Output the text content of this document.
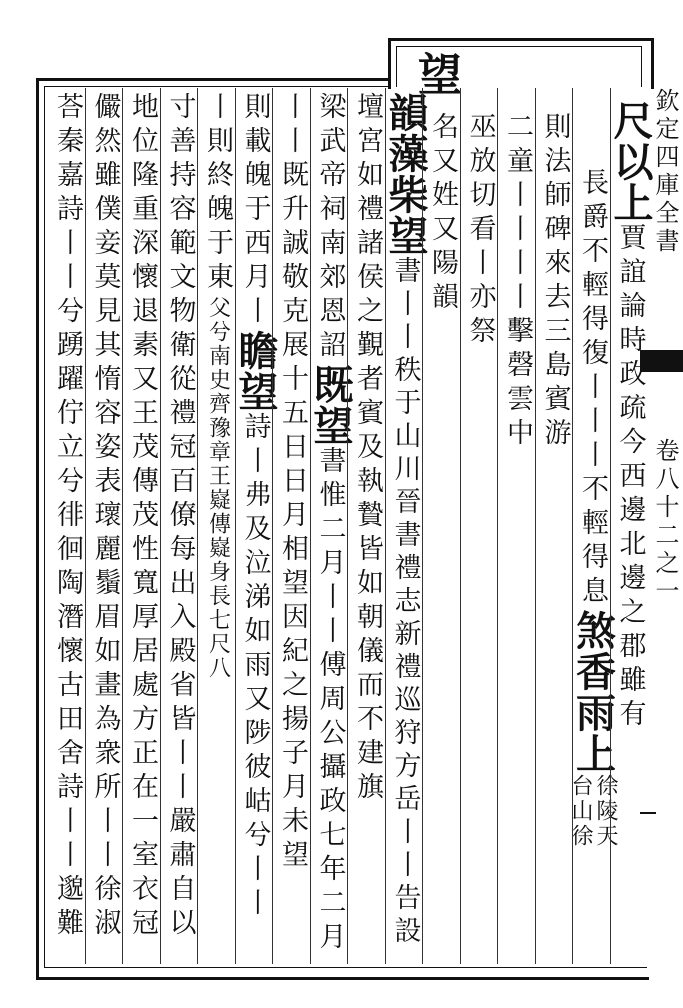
望
欽定四庫全書
卷八十二之一
尺以上
賈誼論時政疏今西邊北邊之郡雖有
長爵不輕得復丨丨丨不輕得息
煞香雨上
徐陵天
台山徐
則法師碑來去三島賓游
二童丨丨丨丨擊磬雲中
巫放切看丨亦祭
名又姓又陽韻
韻藻柴望
書丨丨秩于山川晉書禮志新禮巡狩方岳丨丨告設
壇宮如禮諸侯之覲者賓及執贄皆如朝儀而不建旗
梁武帝祠南郊恩詔
既望
書惟二月丨丨傅周公攝政七年二月
丨丨既升誠敬克展
十五日日月相望因紀之揚子月未望
則載魄于西月丨
瞻望
詩丨弗及泣涕如雨又陟彼岵兮丨丨
丨則終魄于東
父兮南史齊豫章王嶷傳嶷身長七尺八
寸善持容範文物衛從禮冠百僚每出入殿省皆丨丨嚴肅自以
地位隆重深懷退素又王茂傳茂性寬厚居處方正在一室衣冠
儼然雖僕妾莫見其惰容姿表瓌麗鬚眉如畫為衆所丨丨徐淑
荅秦嘉詩丨丨兮踴躍佇立兮徘徊陶潛懷古田舍詩丨丨邈難
